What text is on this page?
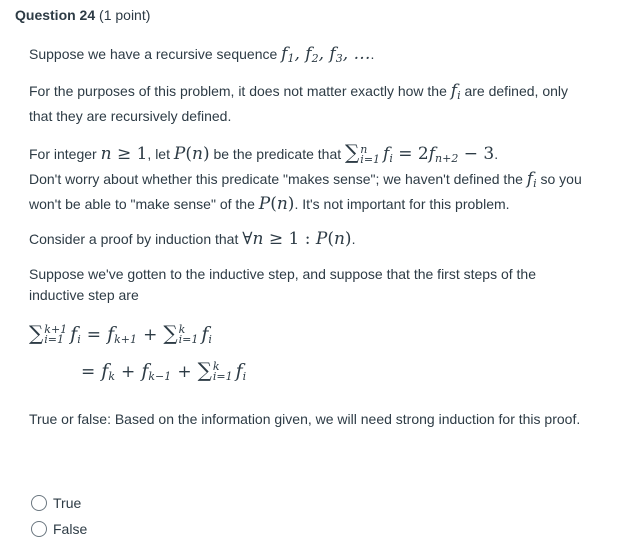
Question 24 (1 point)

Suppose we have a recursive sequence $f_1$, $f_2$, $f_3$, ….

For the purposes of this problem, it does not matter exactly how the $f_i$ are defined, only that they are recursively defined.

For integer n ≥ 1, let P(n) be the predicate that ∑ n
i=1 $f_i = 2f_{n+2} - 3$.
Don't worry about whether this predicate "makes sense"; we haven't defined the $f_i$ so you won't be able to "make sense" of the P(n). It's not important for this problem.

Consider a proof by induction that ∀n ≥ 1 : P(n).

Suppose we've gotten to the inductive step, and suppose that the first steps of the inductive step are

∑ k+1
i=1 $f_i = f_{k+1}$ + ∑ k
i=1 $f_i$
= $f_k + f_{k-1}$ + ∑ k
i=1 $f_i$

True or false: Based on the information given, we will need strong induction for this proof.

True
False
